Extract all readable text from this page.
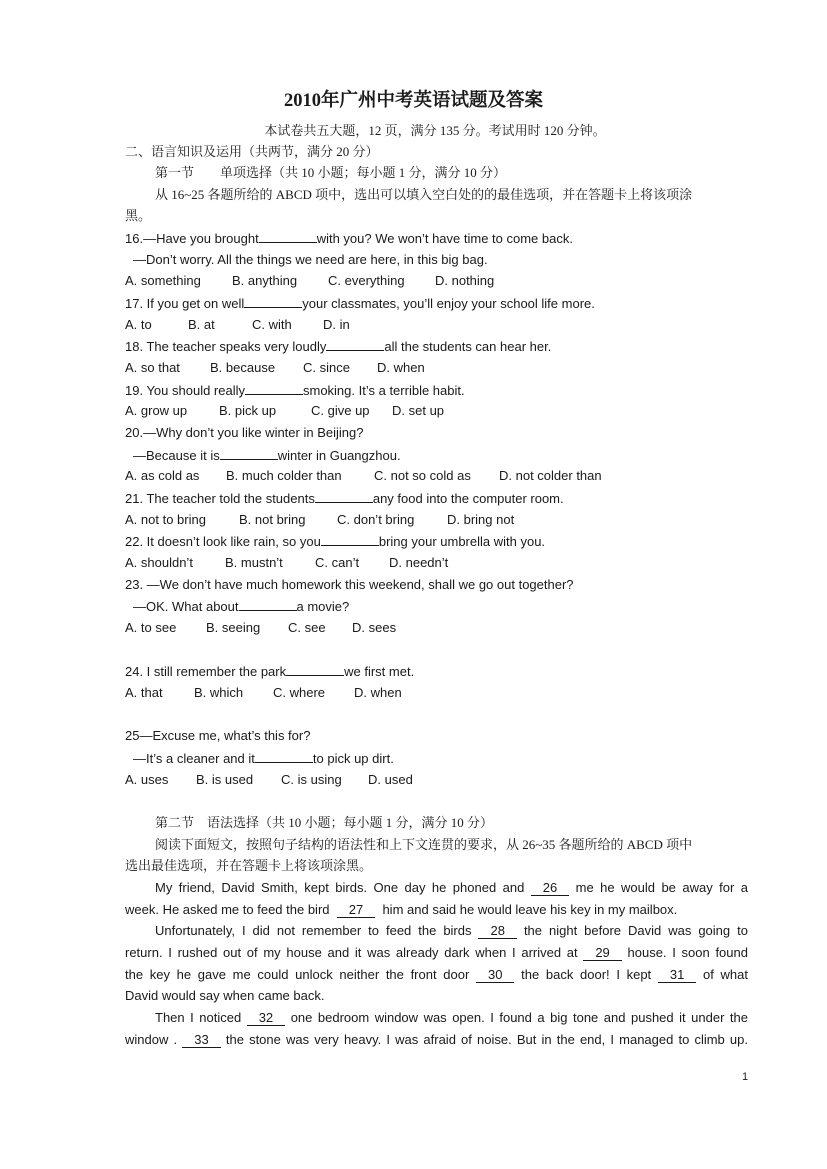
2010年广州中考英语试题及答案
本试卷共五大题，12 页，满分 135 分。考试用时 120 分钟。
二、语言知识及运用（共两节，满分 20 分）
第一节　　单项选择（共 10 小题；每小题 1 分，满分 10 分）
从 16~25 各题所给的 ABCD 项中，选出可以填入空白处的的最佳选项，并在答题卡上将该项涂
黑。
16.—Have you brought	with you? We won’t have time to come back.
—Don’t worry. All the things we need are here, in this big bag.
A. something	B. anything	C. everything	D. nothing
17. If you get on well	your classmates, you’ll enjoy your school life more.
A. to	B. at	C. with	D. in
18. The teacher speaks very loudly	all the students can hear her.
A. so that	B. because	C. since	D. when
19. You should really	smoking. It’s a terrible habit.
A. grow up	B. pick up	C. give up	D. set up
20.—Why don’t you like winter in Beijing?
—Because it is	winter in Guangzhou.
A. as cold as	B. much colder than	C. not so cold as	D. not colder than
21. The teacher told the students	any food into the computer room.
A. not to bring	B. not bring	C. don’t bring	D. bring not
22. It doesn’t look like rain, so you	bring your umbrella with you.
A. shouldn’t	B. mustn’t	C. can’t	D. needn’t
23. —We don’t have much homework this weekend, shall we go out together?
—OK. What about	a movie?
A. to see	B. seeing	C. see	D. sees
24. I still remember the park	we first met.
A. that	B. which	C. where	D. when
25—Excuse me, what’s this for?
—It’s a cleaner and it	to pick up dirt.
A. uses	B. is used	C. is using	D. used
第二节　语法选择（共 10 小题；每小题 1 分，满分 10 分）
阅读下面短文，按照句子结构的语法性和上下文连贯的要求，从 26~35 各题所给的 ABCD 项中
选出最佳选项，并在答题卡上将该项涂黑。
My friend, David Smith, kept birds. One day he phoned and 26 me he would be away for a
week. He asked me to feed the bird 27 him and said he would leave his key in my mailbox.
Unfortunately, I did not remember to feed the birds 28 the night before David was going to
return. I rushed out of my house and it was already dark when I arrived at 29 house. I soon found
the key he gave me could unlock neither the front door 30 the back door! I kept 31 of what
David would say when came back.
Then I noticed 32 one bedroom window was open. I found a big tone and pushed it under the
window . 33 the stone was very heavy. I was afraid of noise. But in the end, I managed to climb up.
1
